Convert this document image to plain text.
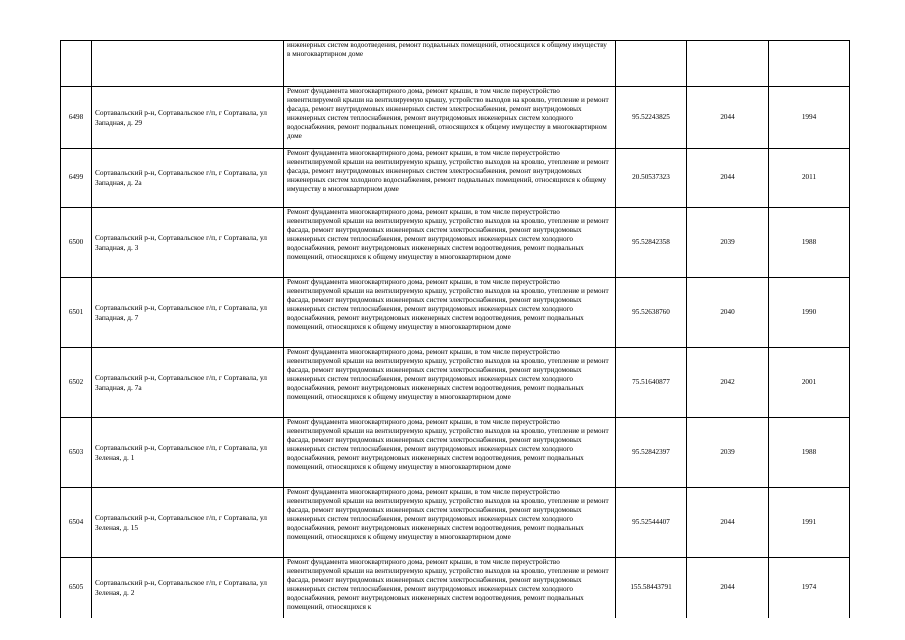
		инженерных систем водоотведения, ремонт подвальных помещений, относящихся к общему имуществу в многоквартирном доме			

6498	Сортавальский р-н, Сортавальское г/п, г Сортавала, ул Западная, д. 29	Ремонт фундамента многоквартирного дома, ремонт крыши, в том числе переустройство невентилируемой крыши на вентилируемую крышу, устройство выходов на кровлю, утепление и ремонт фасада, ремонт внутридомовых инженерных систем электроснабжения, ремонт внутридомовых инженерных систем теплоснабжения, ремонт внутридомовых инженерных систем холодного водоснабжения, ремонт подвальных помещений, относящихся к общему имуществу в многоквартирном доме	95.52243825	2044	1994
6499	Сортавальский р-н, Сортавальское г/п, г Сортавала, ул Западная, д. 2а	Ремонт фундамента многоквартирного дома, ремонт крыши, в том числе переустройство невентилируемой крыши на вентилируемую крышу, устройство выходов на кровлю, утепление и ремонт фасада, ремонт внутридомовых инженерных систем электроснабжения, ремонт внутридомовых инженерных систем холодного водоснабжения, ремонт подвальных помещений, относящихся к общему имуществу в многоквартирном доме	20.50537323	2044	2011
6500	Сортавальский р-н, Сортавальское г/п, г Сортавала, ул Западная, д. 3	Ремонт фундамента многоквартирного дома, ремонт крыши, в том числе переустройство невентилируемой крыши на вентилируемую крышу, устройство выходов на кровлю, утепление и ремонт фасада, ремонт внутридомовых инженерных систем электроснабжения, ремонт внутридомовых инженерных систем теплоснабжения, ремонт внутридомовых инженерных систем холодного водоснабжения, ремонт внутридомовых инженерных систем водоотведения, ремонт подвальных помещений, относящихся к общему имуществу в многоквартирном доме	95.52842358	2039	1988
6501	Сортавальский р-н, Сортавальское г/п, г Сортавала, ул Западная, д. 7	Ремонт фундамента многоквартирного дома, ремонт крыши, в том числе переустройство невентилируемой крыши на вентилируемую крышу, устройство выходов на кровлю, утепление и ремонт фасада, ремонт внутридомовых инженерных систем электроснабжения, ремонт внутридомовых инженерных систем теплоснабжения, ремонт внутридомовых инженерных систем холодного водоснабжения, ремонт внутридомовых инженерных систем водоотведения, ремонт подвальных помещений, относящихся к общему имуществу в многоквартирном доме	95.52638760	2040	1990
6502	Сортавальский р-н, Сортавальское г/п, г Сортавала, ул Западная, д. 7а	Ремонт фундамента многоквартирного дома, ремонт крыши, в том числе переустройство невентилируемой крыши на вентилируемую крышу, устройство выходов на кровлю, утепление и ремонт фасада, ремонт внутридомовых инженерных систем электроснабжения, ремонт внутридомовых инженерных систем теплоснабжения, ремонт внутридомовых инженерных систем холодного водоснабжения, ремонт внутридомовых инженерных систем водоотведения, ремонт подвальных помещений, относящихся к общему имуществу в многоквартирном доме	75.51640877	2042	2001
6503	Сортавальский р-н, Сортавальское г/п, г Сортавала, ул Зеленая, д. 1	Ремонт фундамента многоквартирного дома, ремонт крыши, в том числе переустройство невентилируемой крыши на вентилируемую крышу, устройство выходов на кровлю, утепление и ремонт фасада, ремонт внутридомовых инженерных систем электроснабжения, ремонт внутридомовых инженерных систем теплоснабжения, ремонт внутридомовых инженерных систем холодного водоснабжения, ремонт внутридомовых инженерных систем водоотведения, ремонт подвальных помещений, относящихся к общему имуществу в многоквартирном доме	95.52842397	2039	1988
6504	Сортавальский р-н, Сортавальское г/п, г Сортавала, ул Зеленая, д. 15	Ремонт фундамента многоквартирного дома, ремонт крыши, в том числе переустройство невентилируемой крыши на вентилируемую крышу, устройство выходов на кровлю, утепление и ремонт фасада, ремонт внутридомовых инженерных систем электроснабжения, ремонт внутридомовых инженерных систем теплоснабжения, ремонт внутридомовых инженерных систем холодного водоснабжения, ремонт внутридомовых инженерных систем водоотведения, ремонт подвальных помещений, относящихся к общему имуществу в многоквартирном доме	95.52544407	2044	1991
6505	Сортавальский р-н, Сортавальское г/п, г Сортавала, ул Зеленая, д. 2	Ремонт фундамента многоквартирного дома, ремонт крыши, в том числе переустройство невентилируемой крыши на вентилируемую крышу, устройство выходов на кровлю, утепление и ремонт фасада, ремонт внутридомовых инженерных систем электроснабжения, ремонт внутридомовых инженерных систем теплоснабжения, ремонт внутридомовых инженерных систем холодного водоснабжения, ремонт внутридомовых инженерных систем водоотведения, ремонт подвальных помещений, относящихся к	155.58443791	2044	1974
